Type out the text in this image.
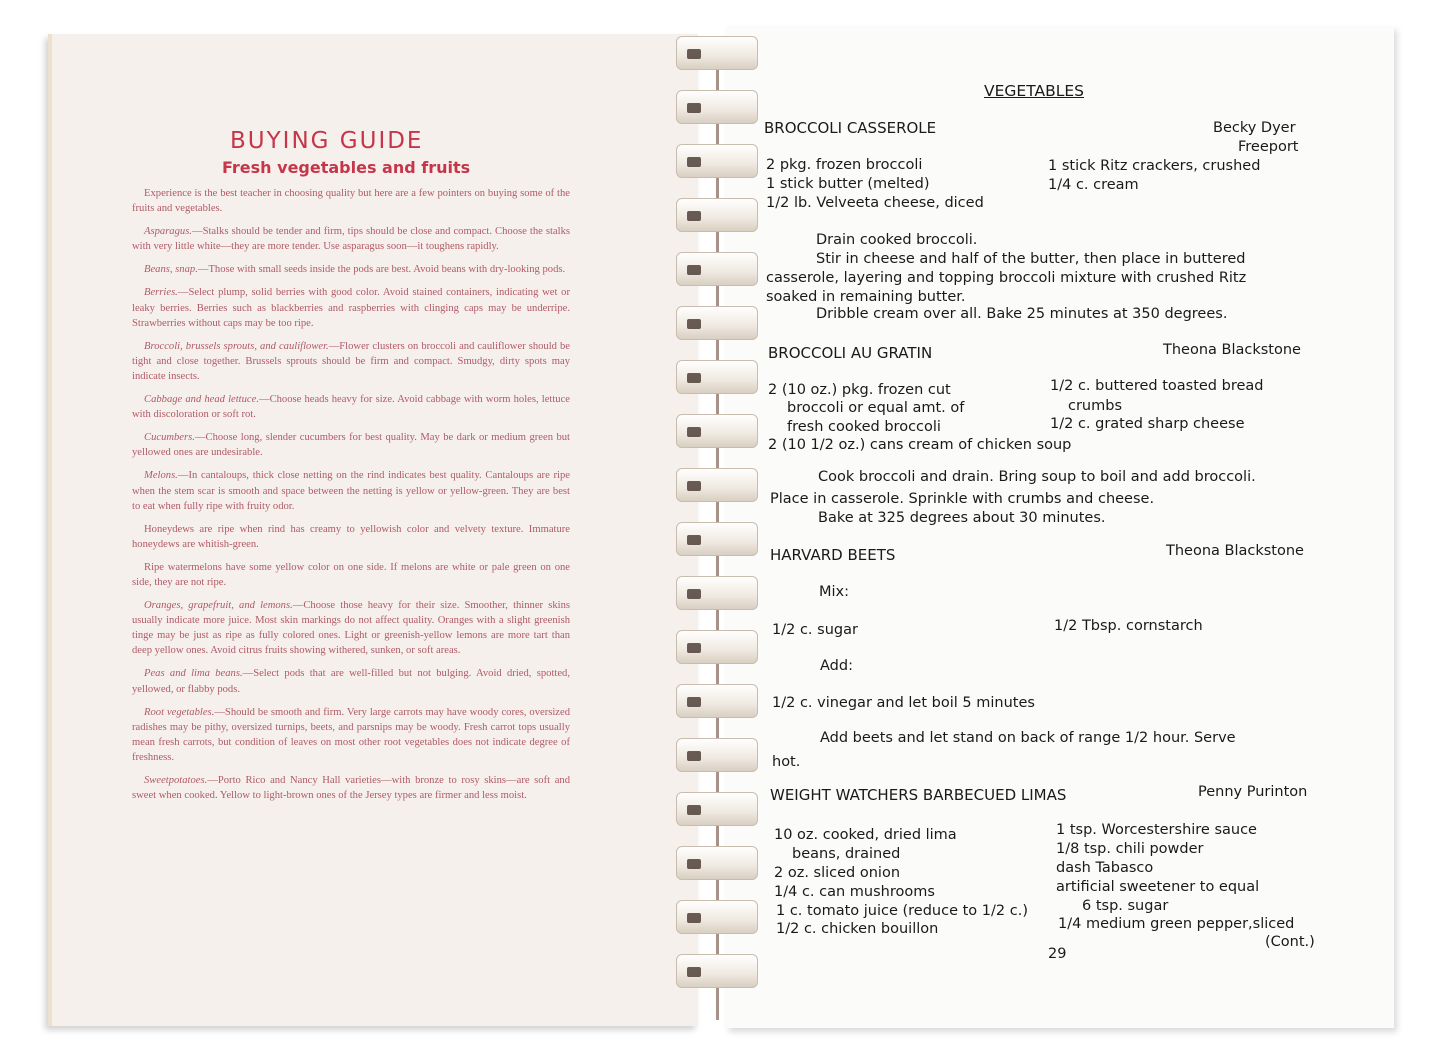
BUYING GUIDE
Fresh vegetables and fruits

Experience is the best teacher in choosing quality but here are a few pointers on buying some of the fruits and vegetables.

Asparagus.—Stalks should be tender and firm, tips should be close and compact. Choose the stalks with very little white—they are more tender. Use asparagus soon—it toughens rapidly.

Beans, snap.—Those with small seeds inside the pods are best. Avoid beans with dry-looking pods.

Berries.—Select plump, solid berries with good color. Avoid stained containers, indicating wet or leaky berries. Berries such as blackberries and raspberries with clinging caps may be underripe. Strawberries without caps may be too ripe.

Broccoli, brussels sprouts, and cauliflower.—Flower clusters on broccoli and cauliflower should be tight and close together. Brussels sprouts should be firm and compact. Smudgy, dirty spots may indicate insects.

Cabbage and head lettuce.—Choose heads heavy for size. Avoid cabbage with worm holes, lettuce with discoloration or soft rot.

Cucumbers.—Choose long, slender cucumbers for best quality. May be dark or medium green but yellowed ones are undesirable.

Melons.—In cantaloups, thick close netting on the rind indicates best quality. Cantaloups are ripe when the stem scar is smooth and space between the netting is yellow or yellow-green. They are best to eat when fully ripe with fruity odor.

Honeydews are ripe when rind has creamy to yellowish color and velvety texture. Immature honeydews are whitish-green.

Ripe watermelons have some yellow color on one side. If melons are white or pale green on one side, they are not ripe.

Oranges, grapefruit, and lemons.—Choose those heavy for their size. Smoother, thinner skins usually indicate more juice. Most skin markings do not affect quality. Oranges with a slight greenish tinge may be just as ripe as fully colored ones. Light or greenish-yellow lemons are more tart than deep yellow ones. Avoid citrus fruits showing withered, sunken, or soft areas.

Peas and lima beans.—Select pods that are well-filled but not bulging. Avoid dried, spotted, yellowed, or flabby pods.

Root vegetables.—Should be smooth and firm. Very large carrots may have woody cores, oversized radishes may be pithy, oversized turnips, beets, and parsnips may be woody. Fresh carrot tops usually mean fresh carrots, but condition of leaves on most other root vegetables does not indicate degree of freshness.

Sweetpotatoes.—Porto Rico and Nancy Hall varieties—with bronze to rosy skins—are soft and sweet when cooked. Yellow to light-brown ones of the Jersey types are firmer and less moist.

VEGETABLES

BROCCOLI CASSEROLE	Becky Dyer

Freeport

2 pkg. frozen broccoli

1 stick butter (melted)

1/2 lb. Velveeta cheese, diced

1 stick Ritz crackers, crushed

1/4 c. cream

Drain cooked broccoli.

Stir in cheese and half of the butter, then place in buttered

casserole, layering and topping broccoli mixture with crushed Ritz

soaked in remaining butter.

Dribble cream over all. Bake 25 minutes at 350 degrees.

BROCCOLI AU GRATIN	Theona Blackstone

2 (10 oz.) pkg. frozen cut

broccoli or equal amt. of

fresh cooked broccoli

2 (10 1/2 oz.) cans cream of chicken soup

1/2 c. buttered toasted bread

crumbs

1/2 c. grated sharp cheese

Cook broccoli and drain. Bring soup to boil and add broccoli.

Place in casserole. Sprinkle with crumbs and cheese.

Bake at 325 degrees about 30 minutes.

HARVARD BEETS	Theona Blackstone

Mix:

1/2 c. sugar	1/2 Tbsp. cornstarch

Add:

1/2 c. vinegar and let boil 5 minutes

Add beets and let stand on back of range 1/2 hour. Serve

hot.

WEIGHT WATCHERS BARBECUED LIMAS	Penny Purinton

10 oz. cooked, dried lima

beans, drained

2 oz. sliced onion

1/4 c. can mushrooms

1 c. tomato juice (reduce to 1/2 c.)

1/2 c. chicken bouillon

1 tsp. Worcestershire sauce

1/8 tsp. chili powder

dash Tabasco

artificial sweetener to equal

6 tsp. sugar

1/4 medium green pepper,sliced

(Cont.)

29
